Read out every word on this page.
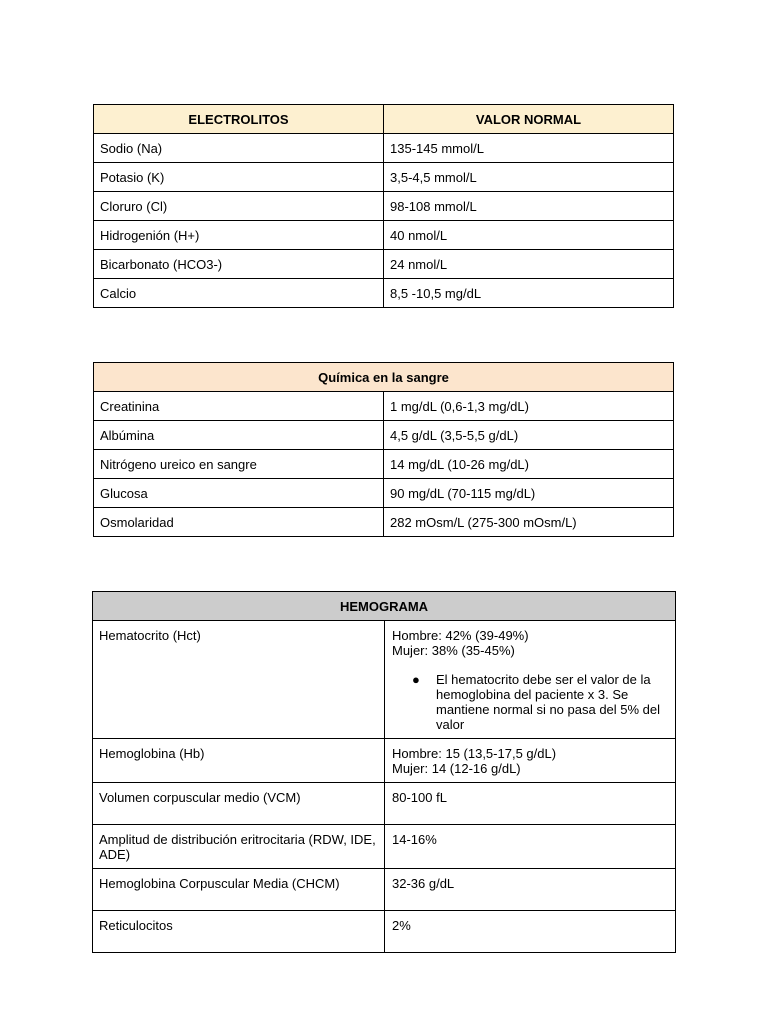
ELECTROLITOS	VALOR NORMAL
Sodio (Na)	135-145 mmol/L
Potasio (K)	3,5-4,5 mmol/L
Cloruro (Cl)	98-108 mmol/L
Hidrogenión (H+)	40 nmol/L
Bicarbonato (HCO3-)	24 nmol/L
Calcio	8,5 -10,5 mg/dL
Química en la sangre	
Creatinina	1 mg/dL (0,6-1,3 mg/dL)
Albúmina	4,5 g/dL (3,5-5,5 g/dL)
Nitrógeno ureico en sangre	14 mg/dL (10-26 mg/dL)
Glucosa	90 mg/dL (70-115 mg/dL)
Osmolaridad	282 mOsm/L (275-300 mOsm/L)
HEMOGRAMA	
Hematocrito (Hct)	Hombre: 42% (39-49%)
Mujer: 38% (35-45%)
● El hematocrito debe ser el valor de la hemoglobina del paciente x 3. Se mantiene normal si no pasa del 5% del valor

Hemoglobina (Hb)	Hombre: 15 (13,5-17,5 g/dL)
Mujer: 14 (12-16 g/dL)

Volumen corpuscular medio (VCM)	80-100 fL
Amplitud de distribución eritrocitaria (RDW, IDE, ADE)	14-16%
Hemoglobina Corpuscular Media (CHCM)	32-36 g/dL
Reticulocitos	2%
